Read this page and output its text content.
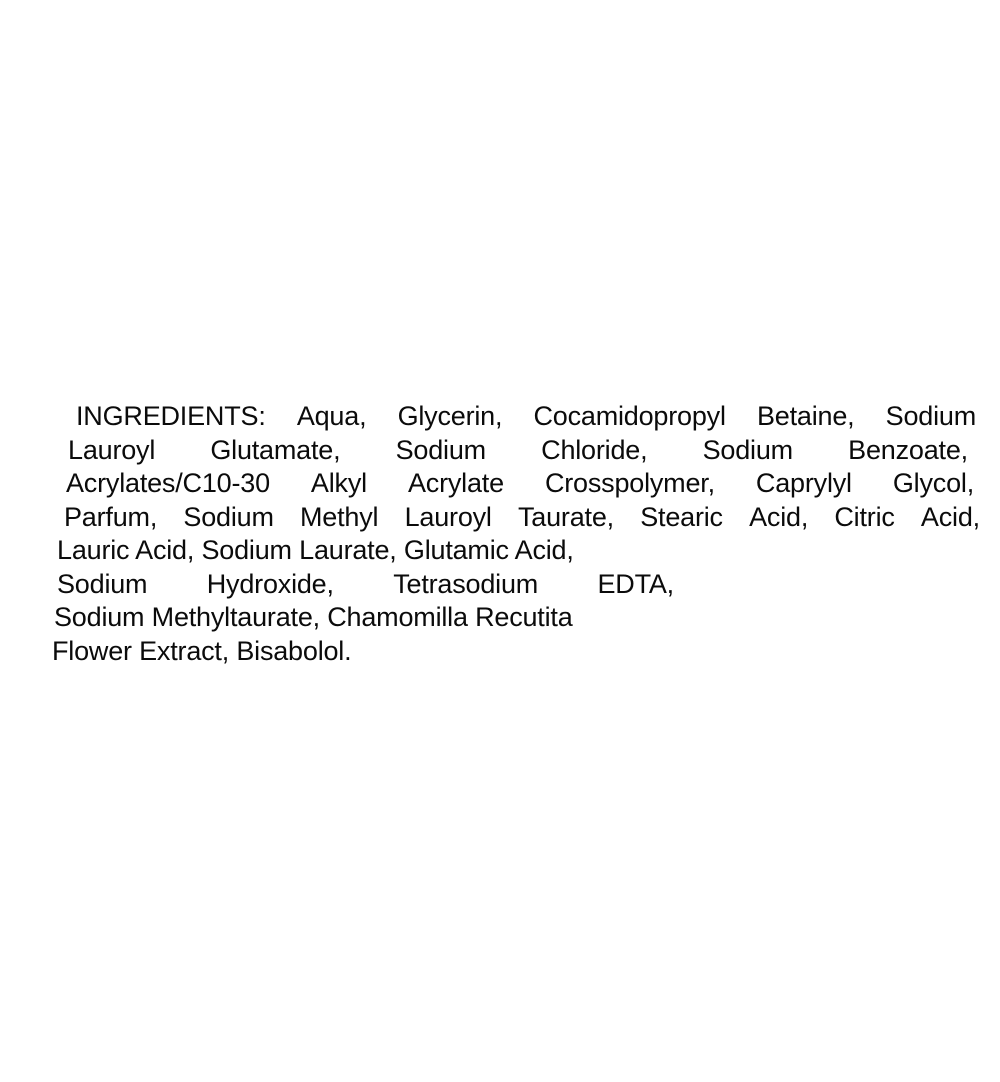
INGREDIENTS: Aqua, Glycerin, Cocamidopropyl Betaine, Sodium
Lauroyl Glutamate, Sodium Chloride, Sodium Benzoate,
Acrylates/C10-30 Alkyl Acrylate Crosspolymer, Caprylyl Glycol,
Parfum, Sodium Methyl Lauroyl Taurate, Stearic Acid, Citric Acid,
Lauric Acid, Sodium Laurate, Glutamic Acid,
Sodium Hydroxide, Tetrasodium EDTA,
Sodium Methyltaurate, Chamomilla Recutita
Flower Extract, Bisabolol.
